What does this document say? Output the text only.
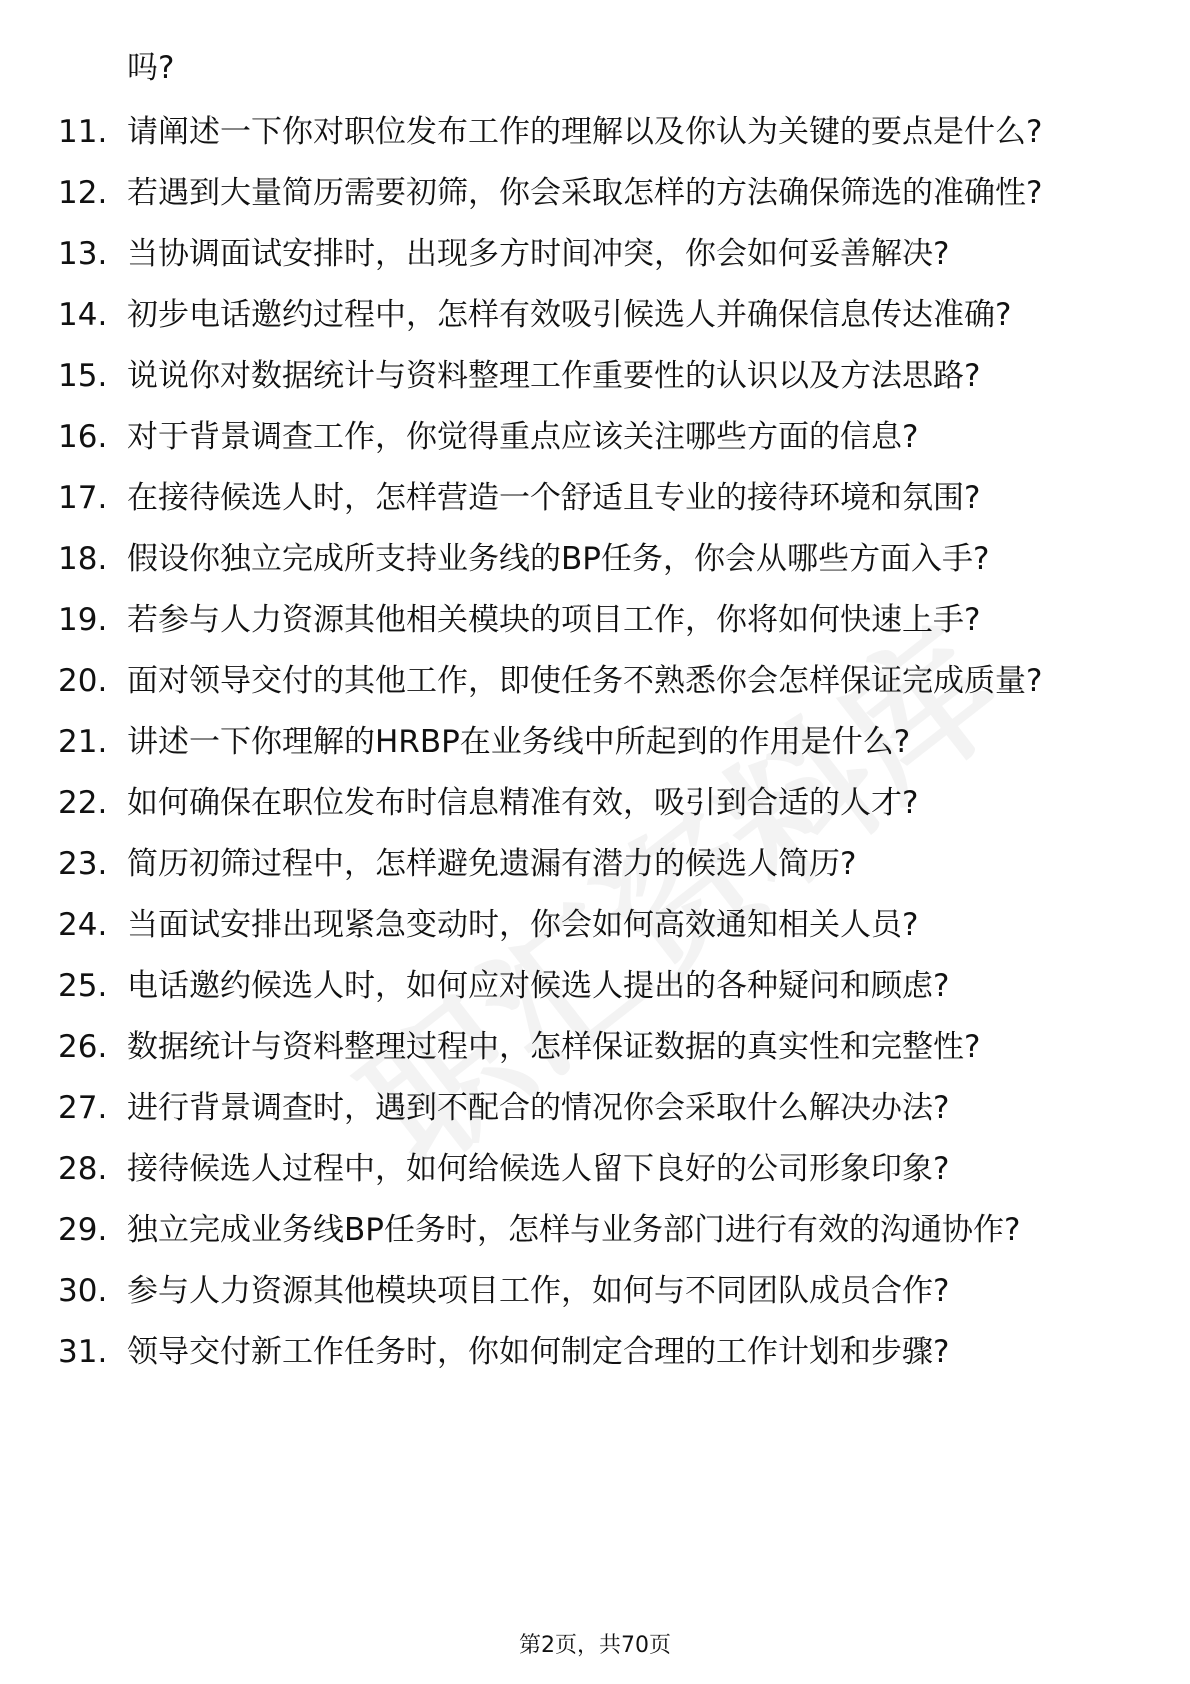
吗?

11. 请阐述一下你对职位发布工作的理解以及你认为关键的要点是什么?
12. 若遇到大量简历需要初筛，你会采取怎样的方法确保筛选的准确性?
13. 当协调面试安排时，出现多方时间冲突，你会如何妥善解决?
14. 初步电话邀约过程中，怎样有效吸引候选人并确保信息传达准确?
15. 说说你对数据统计与资料整理工作重要性的认识以及方法思路?
16. 对于背景调查工作，你觉得重点应该关注哪些方面的信息?
17. 在接待候选人时，怎样营造一个舒适且专业的接待环境和氛围?
18. 假设你独立完成所支持业务线的BP任务，你会从哪些方面入手?
19. 若参与人力资源其他相关模块的项目工作，你将如何快速上手?
20. 面对领导交付的其他工作，即使任务不熟悉你会怎样保证完成质量?
21. 讲述一下你理解的HRBP在业务线中所起到的作用是什么?
22. 如何确保在职位发布时信息精准有效，吸引到合适的人才?
23. 简历初筛过程中，怎样避免遗漏有潜力的候选人简历?
24. 当面试安排出现紧急变动时，你会如何高效通知相关人员?
25. 电话邀约候选人时，如何应对候选人提出的各种疑问和顾虑?
26. 数据统计与资料整理过程中，怎样保证数据的真实性和完整性?
27. 进行背景调查时，遇到不配合的情况你会采取什么解决办法?
28. 接待候选人过程中，如何给候选人留下良好的公司形象印象?
29. 独立完成业务线BP任务时，怎样与业务部门进行有效的沟通协作?
30. 参与人力资源其他模块项目工作，如何与不同团队成员合作?
31. 领导交付新工作任务时，你如何制定合理的工作计划和步骤?
第2页，共70页
